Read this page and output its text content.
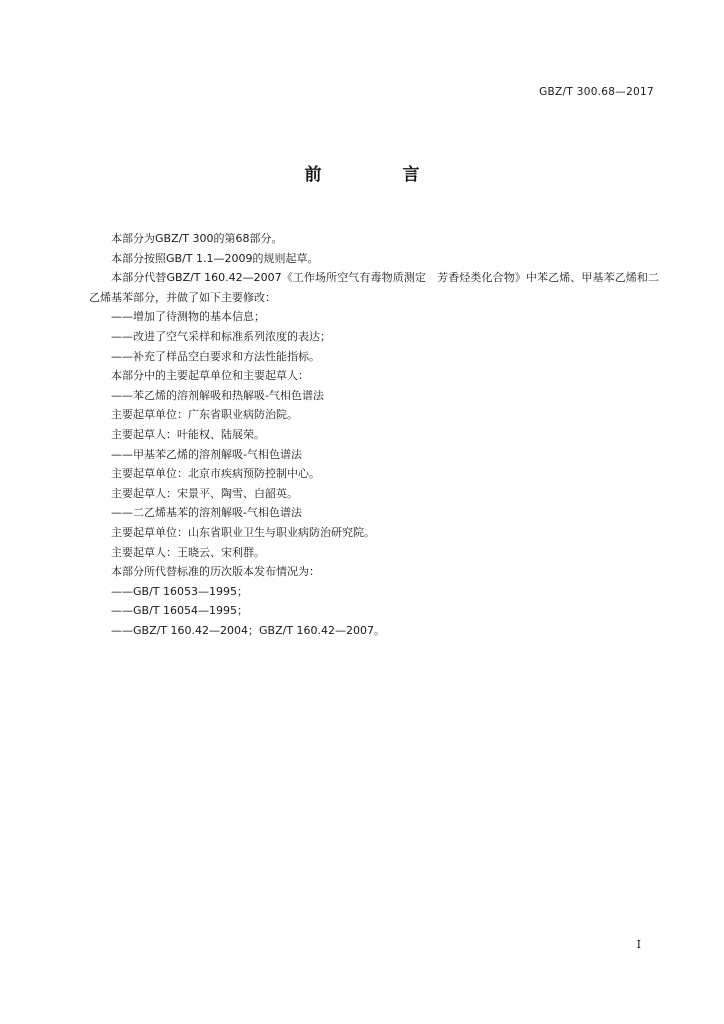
GBZ/T 300.68—2017
前　言

本部分为GBZ/T 300的第68部分。

本部分按照GB/T 1.1—2009的规则起草。

本部分代替GBZ/T 160.42—2007《工作场所空气有毒物质测定　芳香烃类化合物》中苯乙烯、甲基苯乙烯和二乙烯基苯部分，并做了如下主要修改：

——增加了待测物的基本信息；

——改进了空气采样和标准系列浓度的表达；

——补充了样品空白要求和方法性能指标。

本部分中的主要起草单位和主要起草人：

——苯乙烯的溶剂解吸和热解吸-气相色谱法

主要起草单位：广东省职业病防治院。

主要起草人：叶能权、陆展荣。

——甲基苯乙烯的溶剂解吸-气相色谱法

主要起草单位：北京市疾病预防控制中心。

主要起草人：宋景平、陶雪、白韶英。

——二乙烯基苯的溶剂解吸-气相色谱法

主要起草单位：山东省职业卫生与职业病防治研究院。

主要起草人：王晓云、宋利群。

本部分所代替标准的历次版本发布情况为：

——GB/T 16053—1995；

——GB/T 16054—1995；

——GBZ/T 160.42—2004；GBZ/T 160.42—2007。

I
